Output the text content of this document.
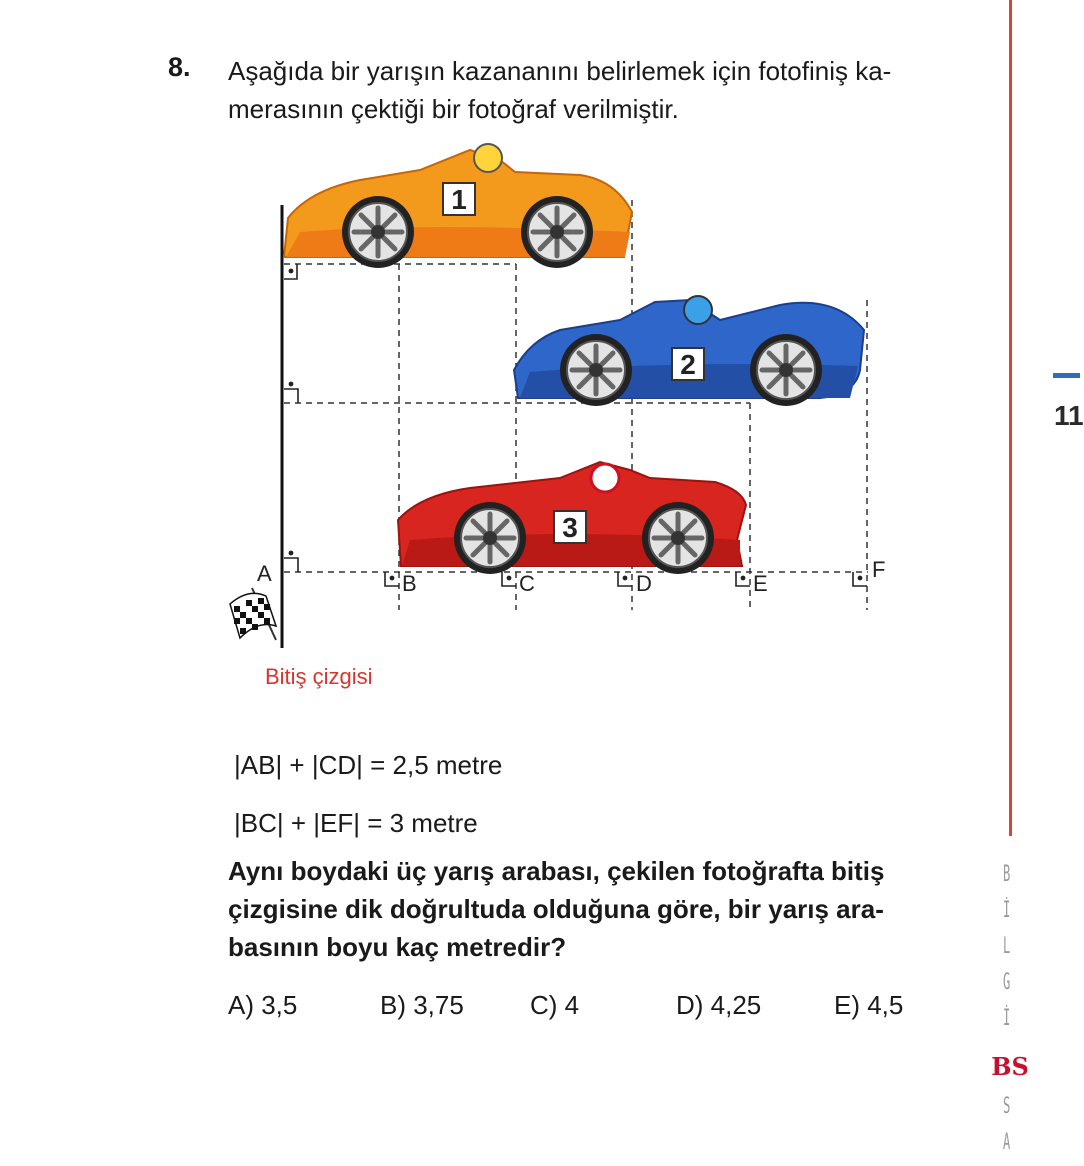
8. Aşağıda bir yarışın kazananını belirlemek için fotofiniş ka-
merasının çektiği bir fotoğraf verilmiştir.
1
2
3
A	B	C	D	E
F
Bitiş çizgisi
|AB| + |CD| = 2,5 metre
|BC| + |EF| = 3 metre
Aynı boydaki üç yarış arabası, çekilen fotoğrafta bitiş
çizgisine dik doğrultuda olduğuna göre, bir yarış ara-
basının boyu kaç metredir?
A) 3,5	B) 3,75	C) 4	D) 4,25	E) 4,5
11
B
İ
L
G
İ
BS
S
A
